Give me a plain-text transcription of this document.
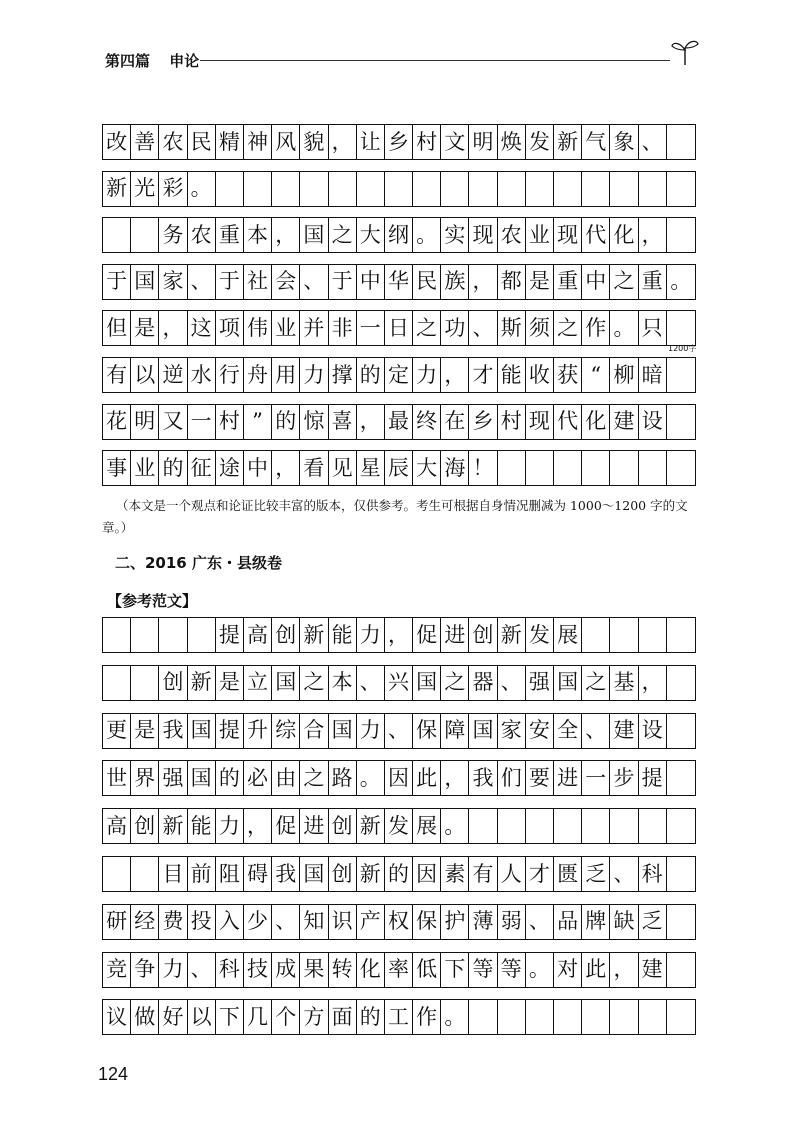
第四篇 申论
改 善 农 民 精 神 风 貌 ， 让 乡 村 文 明 焕 发 新 气 象 、
新 光 彩 。
务 农 重 本 ， 国 之 大 纲 。 实 现 农 业 现 代 化 ，
于 国 家 、 于 社 会 、 于 中 华 民 族 ， 都 是 重 中 之 重 。
但 是 ， 这 项 伟 业 并 非 一 日 之 功 、 斯 须 之 作 。 只
有 以 逆 水 行 舟 用 力 撑 的 定 力 ， 才 能 收 获 “ 柳 暗
花 明 又 一 村 ” 的 惊 喜 ， 最 终 在 乡 村 现 代 化 建 设
事 业 的 征 途 中 ， 看 见 星 辰 大 海 ！
1200字
（本文是一个观点和论证比较丰富的版本，仅供参考。考生可根据自身情况删减为 1000～1200 字的文章。）
二、2016 广东・县级卷
【参考范文】
提 高 创 新 能 力 ， 促 进 创 新 发 展
创 新 是 立 国 之 本 、 兴 国 之 器 、 强 国 之 基 ，
更 是 我 国 提 升 综 合 国 力 、 保 障 国 家 安 全 、 建 设
世 界 强 国 的 必 由 之 路 。 因 此 ， 我 们 要 进 一 步 提
高 创 新 能 力 ， 促 进 创 新 发 展 。
目 前 阻 碍 我 国 创 新 的 因 素 有 人 才 匮 乏 、 科
研 经 费 投 入 少 、 知 识 产 权 保 护 薄 弱 、 品 牌 缺 乏
竞 争 力 、 科 技 成 果 转 化 率 低 下 等 等 。 对 此 ， 建
议 做 好 以 下 几 个 方 面 的 工 作 。
124
